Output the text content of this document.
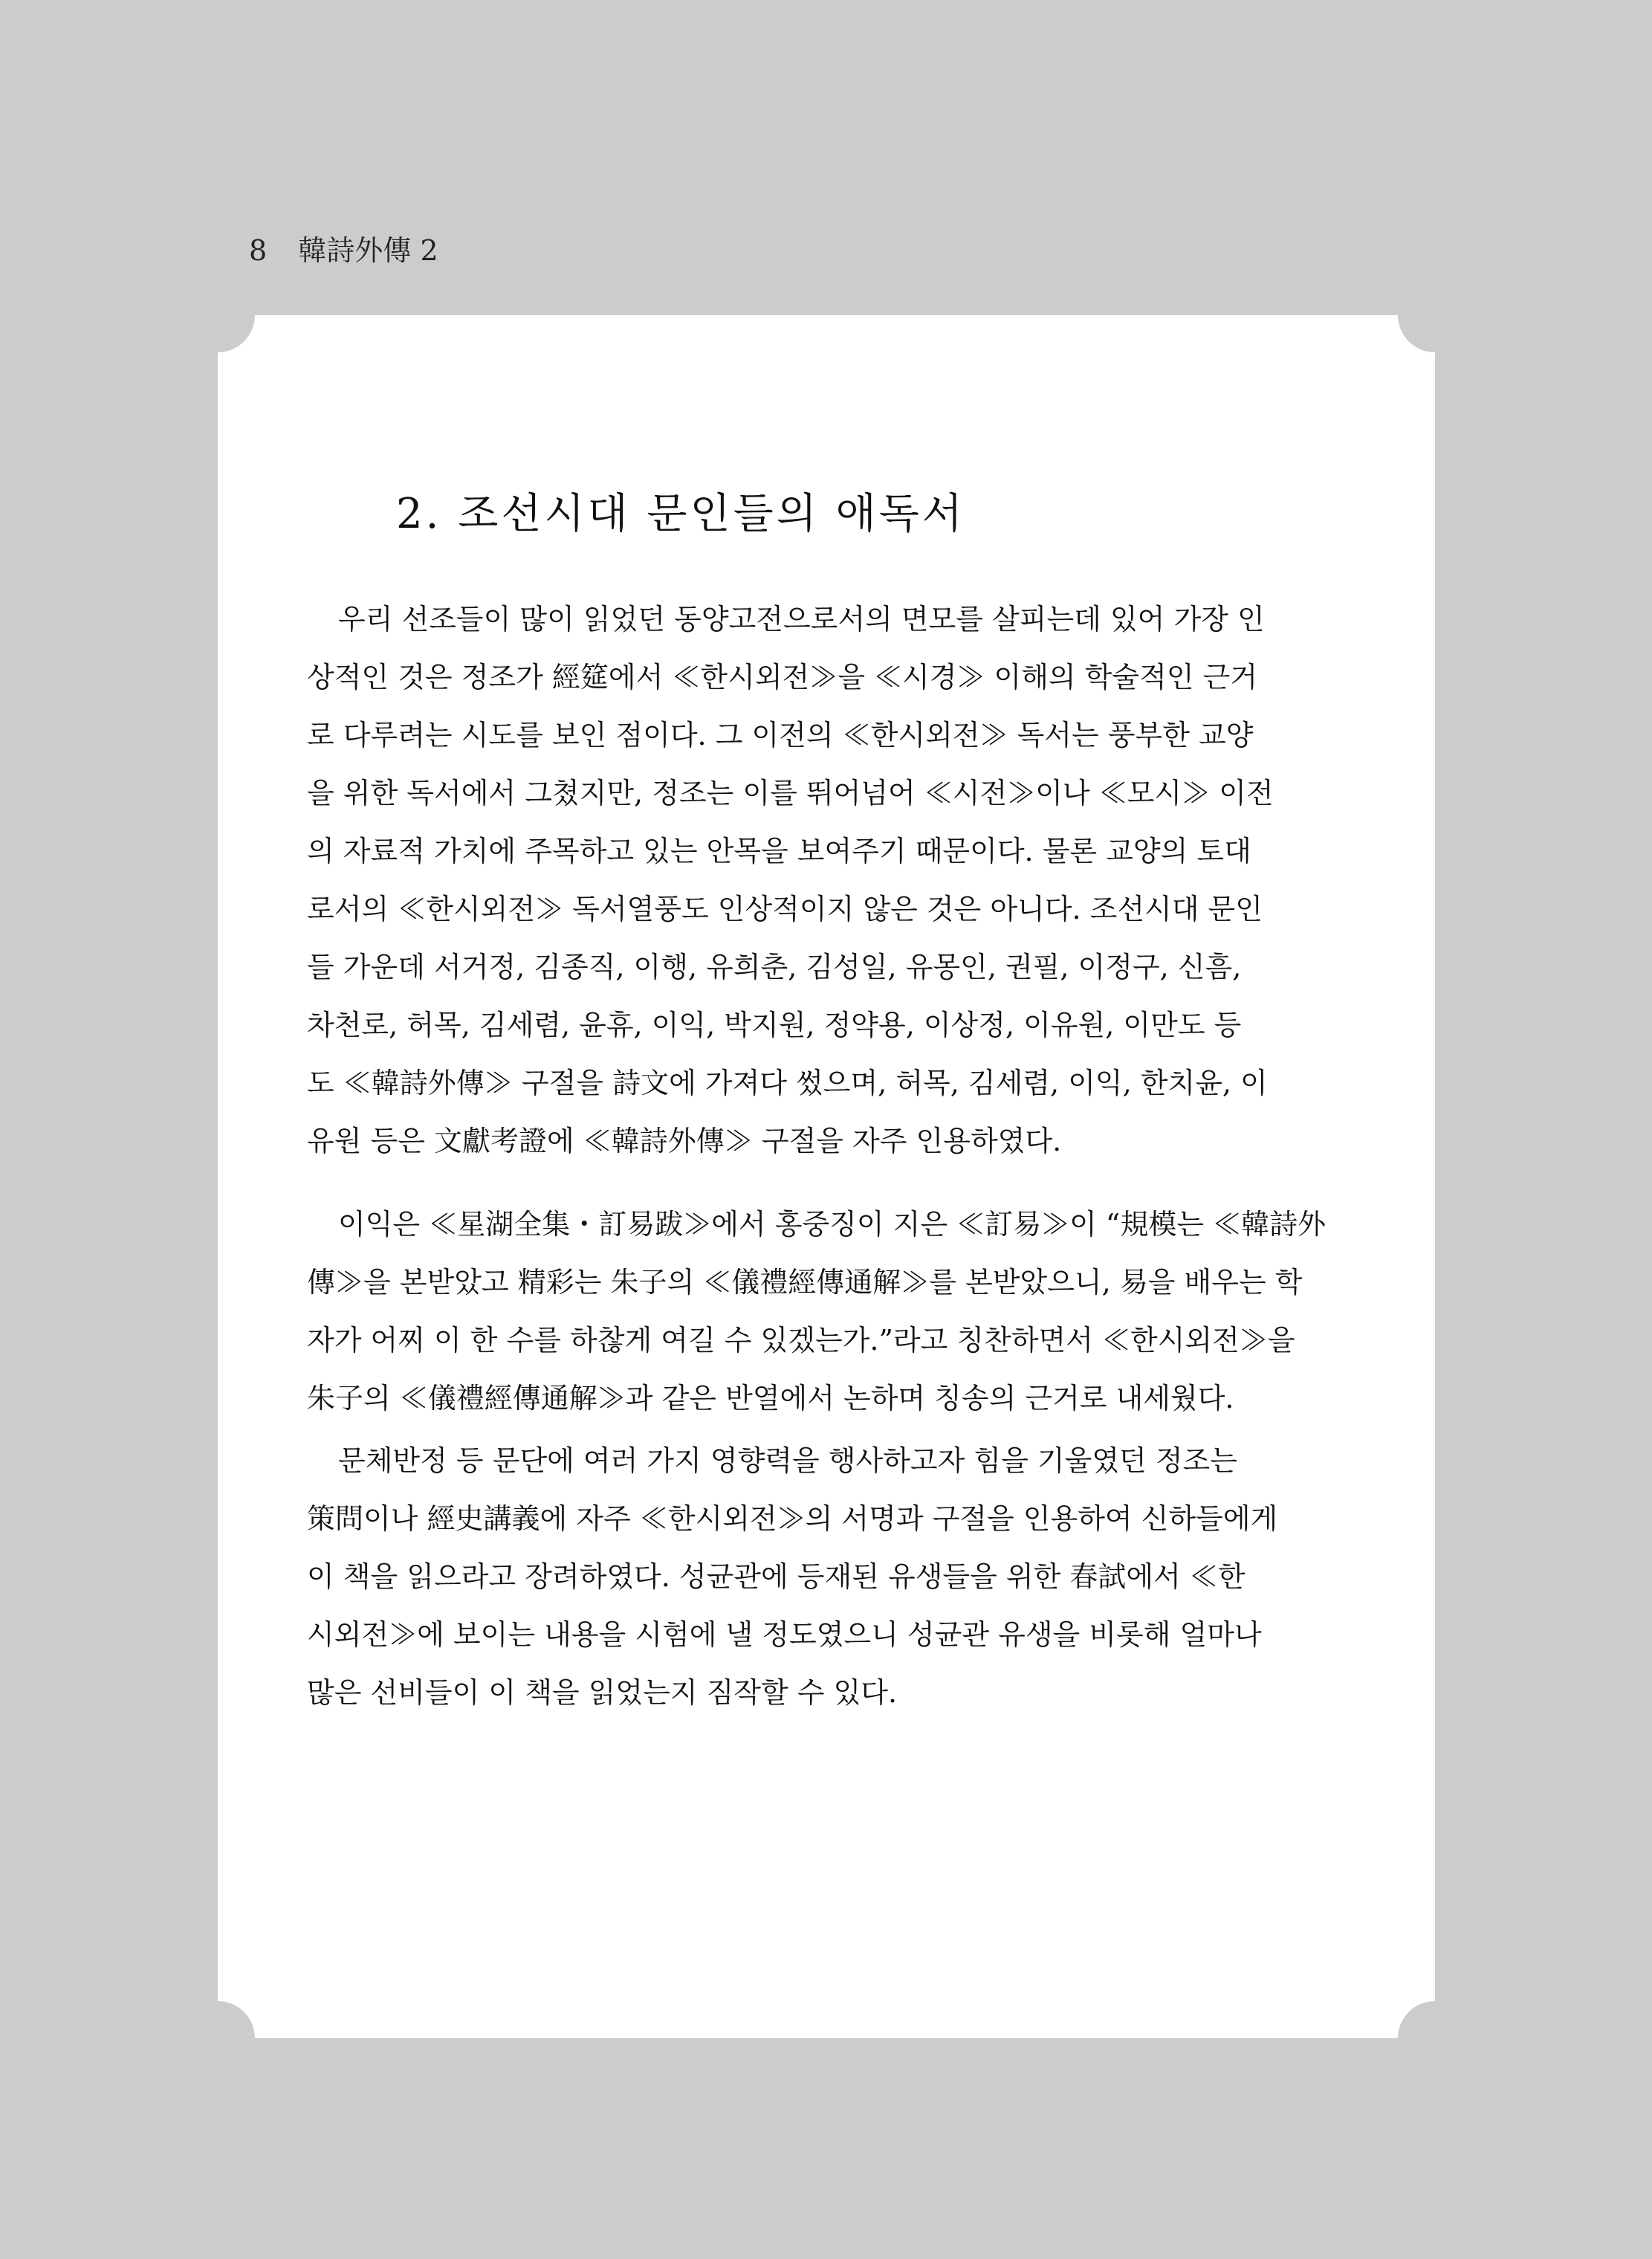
8 韓詩外傳 2
2. 조선시대 문인들의 애독서
우리 선조들이 많이 읽었던 동양고전으로서의 면모를 살피는데 있어 가장 인
상적인 것은 정조가 經筵에서 ≪한시외전≫을 ≪시경≫ 이해의 학술적인 근거
로 다루려는 시도를 보인 점이다. 그 이전의 ≪한시외전≫ 독서는 풍부한 교양
을 위한 독서에서 그쳤지만, 정조는 이를 뛰어넘어 ≪시전≫이나 ≪모시≫ 이전
의 자료적 가치에 주목하고 있는 안목을 보여주기 때문이다. 물론 교양의 토대
로서의 ≪한시외전≫ 독서열풍도 인상적이지 않은 것은 아니다. 조선시대 문인
들 가운데 서거정, 김종직, 이행, 유희춘, 김성일, 유몽인, 권필, 이정구, 신흠,
차천로, 허목, 김세렴, 윤휴, 이익, 박지원, 정약용, 이상정, 이유원, 이만도 등
도 ≪韓詩外傳≫ 구절을 詩文에 가져다 썼으며, 허목, 김세렴, 이익, 한치윤, 이
유원 등은 文獻考證에 ≪韓詩外傳≫ 구절을 자주 인용하였다.
이익은 ≪星湖全集・訂易跋≫에서 홍중징이 지은 ≪訂易≫이 “規模는 ≪韓詩外
傳≫을 본받았고 精彩는 朱子의 ≪儀禮經傳通解≫를 본받았으니, 易을 배우는 학
자가 어찌 이 한 수를 하찮게 여길 수 있겠는가.”라고 칭찬하면서 ≪한시외전≫을
朱子의 ≪儀禮經傳通解≫과 같은 반열에서 논하며 칭송의 근거로 내세웠다.
문체반정 등 문단에 여러 가지 영향력을 행사하고자 힘을 기울였던 정조는
策問이나 經史講義에 자주 ≪한시외전≫의 서명과 구절을 인용하여 신하들에게
이 책을 읽으라고 장려하였다. 성균관에 등재된 유생들을 위한 春試에서 ≪한
시외전≫에 보이는 내용을 시험에 낼 정도였으니 성균관 유생을 비롯해 얼마나
많은 선비들이 이 책을 읽었는지 짐작할 수 있다.
